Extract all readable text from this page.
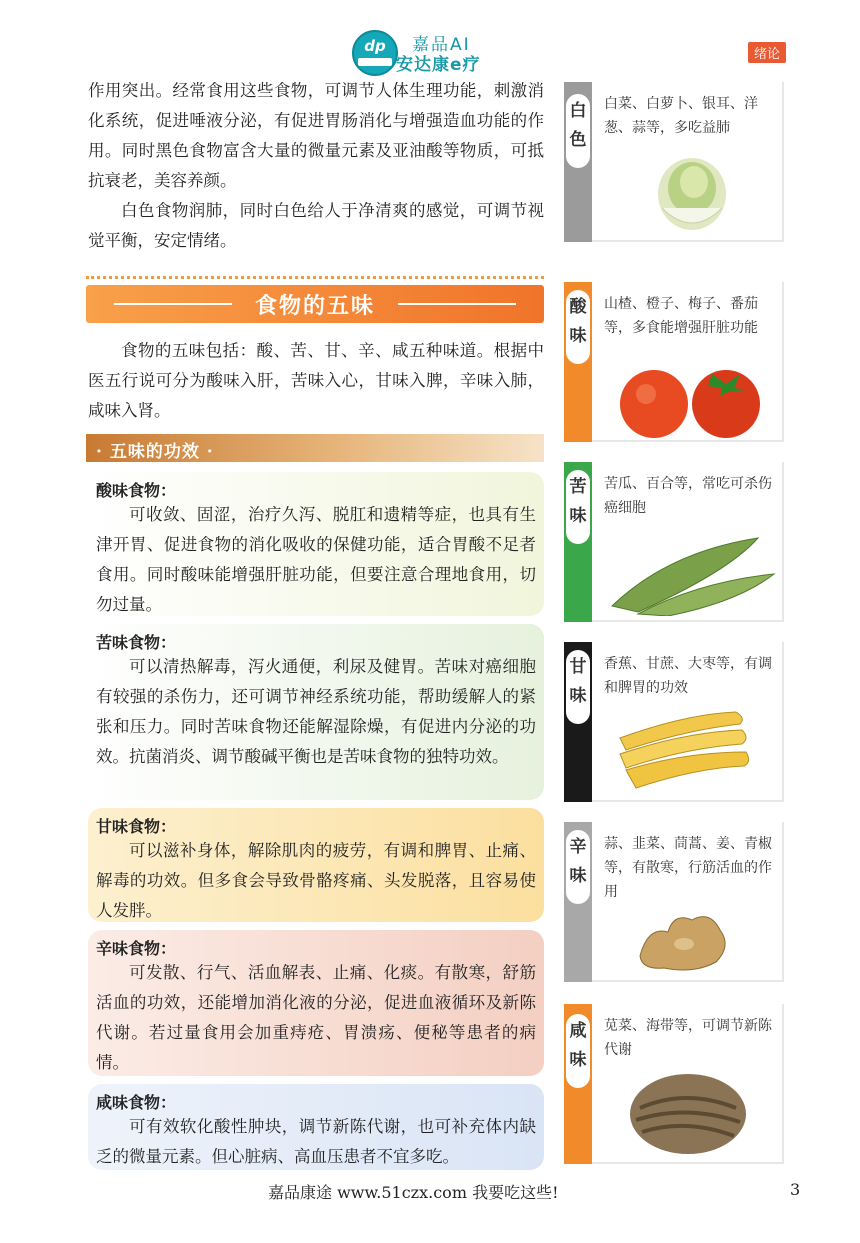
dp	嘉品AI
安达康e疗
绪论

作用突出。经常食用这些食物，可调节人体生理功能，刺激消化系统，促进唾液分泌，有促进胃肠消化与增强造血功能的作用。同时黑色食物富含大量的微量元素及亚油酸等物质，可抵抗衰老，美容养颜。

白色食物润肺，同时白色给人于净清爽的感觉，可调节视觉平衡，安定情绪。

食物的五味

食物的五味包括：酸、苦、甘、辛、咸五种味道。根据中医五行说可分为酸味入肝，苦味入心，甘味入脾，辛味入肺，咸味入肾。

· 五味的功效 ·
酸味食物：
可收敛、固涩，治疗久泻、脱肛和遗精等症，也具有生津开胃、促进食物的消化吸收的保健功能，适合胃酸不足者食用。同时酸味能增强肝脏功能，但要注意合理地食用，切勿过量。
苦味食物：
可以清热解毒，泻火通便，利尿及健胃。苦味对癌细胞有较强的杀伤力，还可调节神经系统功能，帮助缓解人的紧张和压力。同时苦味食物还能解湿除燥，有促进内分泌的功效。抗菌消炎、调节酸碱平衡也是苦味食物的独特功效。
甘味食物：
可以滋补身体，解除肌肉的疲劳，有调和脾胃、止痛、解毒的功效。但多食会导致骨骼疼痛、头发脱落，且容易使人发胖。
辛味食物：
可发散、行气、活血解表、止痛、化痰。有散寒，舒筋活血的功效，还能增加消化液的分泌，促进血液循环及新陈代谢。若过量食用会加重痔疮、胃溃疡、便秘等患者的病情。
咸味食物：
可有效软化酸性肿块，调节新陈代谢，也可补充体内缺乏的微量元素。但心脏病、高血压患者不宜多吃。
白
色
白菜、白萝卜、银耳、洋葱、蒜等，多吃益肺
酸
味
山楂、橙子、梅子、番茄等，多食能增强肝脏功能
苦
味
苦瓜、百合等，常吃可杀伤癌细胞
甘
味
香蕉、甘蔗、大枣等，有调和脾胃的功效
辛
味
蒜、韭菜、茼蒿、姜、青椒等，有散寒，行筋活血的作用
咸
味
苋菜、海带等，可调节新陈代谢
嘉品康途 www.51czx.com 我要吃这些!	3
